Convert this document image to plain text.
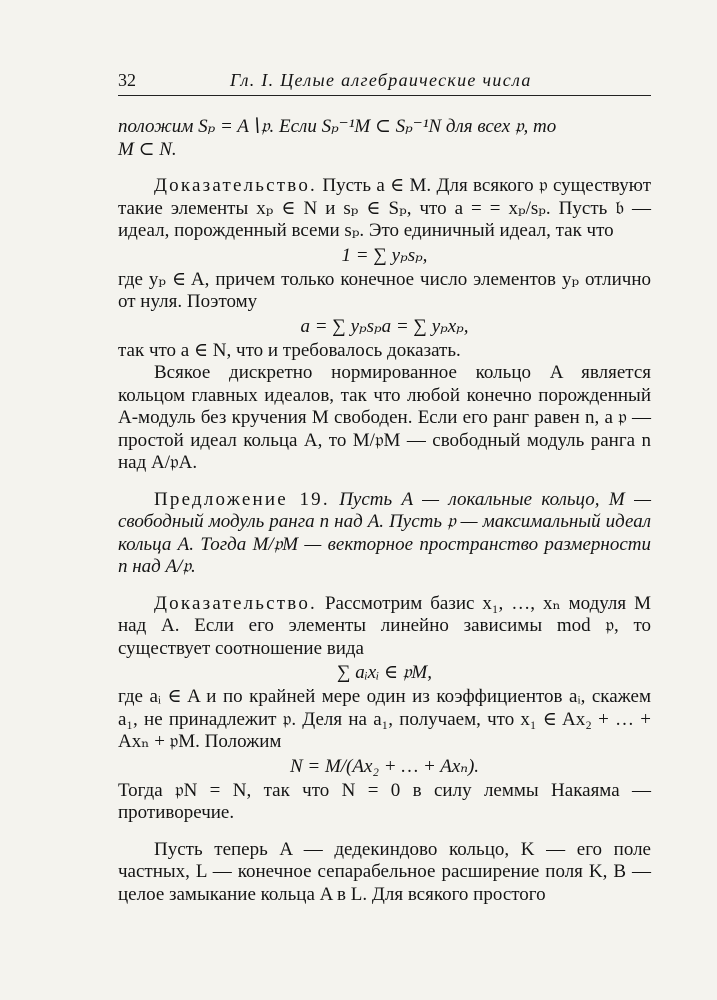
32	Гл. I. Целые алгебраические числа

положим Sₚ = A∖𝔭. Если Sₚ⁻¹M ⊂ Sₚ⁻¹N для всех 𝔭, то

M ⊂ N.

Доказательство. Пусть a ∈ M. Для всякого 𝔭 существуют такие элементы xₚ ∈ N и sₚ ∈ Sₚ, что a = = xₚ/sₚ. Пусть 𝔟 — идеал, порожденный всеми sₚ. Это единичный идеал, так что

1 = ∑ yₚsₚ,

где yₚ ∈ A, причем только конечное число элементов yₚ отлично от нуля. Поэтому

a = ∑ yₚsₚa = ∑ yₚxₚ,

так что a ∈ N, что и требовалось доказать.

Всякое дискретно нормированное кольцо A является кольцом главных идеалов, так что любой конечно порожденный A-модуль без кручения M свободен. Если его ранг равен n, а 𝔭 — простой идеал кольца A, то M/𝔭M — свободный модуль ранга n над A/𝔭A.

Предложение 19. Пусть A — локальные кольцо, M — свободный модуль ранга n над A. Пусть 𝔭 — максимальный идеал кольца A. Тогда M/𝔭M — векторное пространство размерности n над A/𝔭.

Доказательство. Рассмотрим базис x₁, …, xₙ модуля M над A. Если его элементы линейно зависимы mod 𝔭, то существует соотношение вида

∑ aᵢxᵢ ∈ 𝔭M,

где aᵢ ∈ A и по крайней мере один из коэффициентов aᵢ, скажем a₁, не принадлежит 𝔭. Деля на a₁, получаем, что x₁ ∈ Ax₂ + … + Axₙ + 𝔭M. Положим

N = M/(Ax₂ + … + Axₙ).

Тогда 𝔭N = N, так что N = 0 в силу леммы Накаяма — противоречие.

Пусть теперь A — дедекиндово кольцо, K — его поле частных, L — конечное сепарабельное расширение поля K, B — целое замыкание кольца A в L. Для всякого простого
